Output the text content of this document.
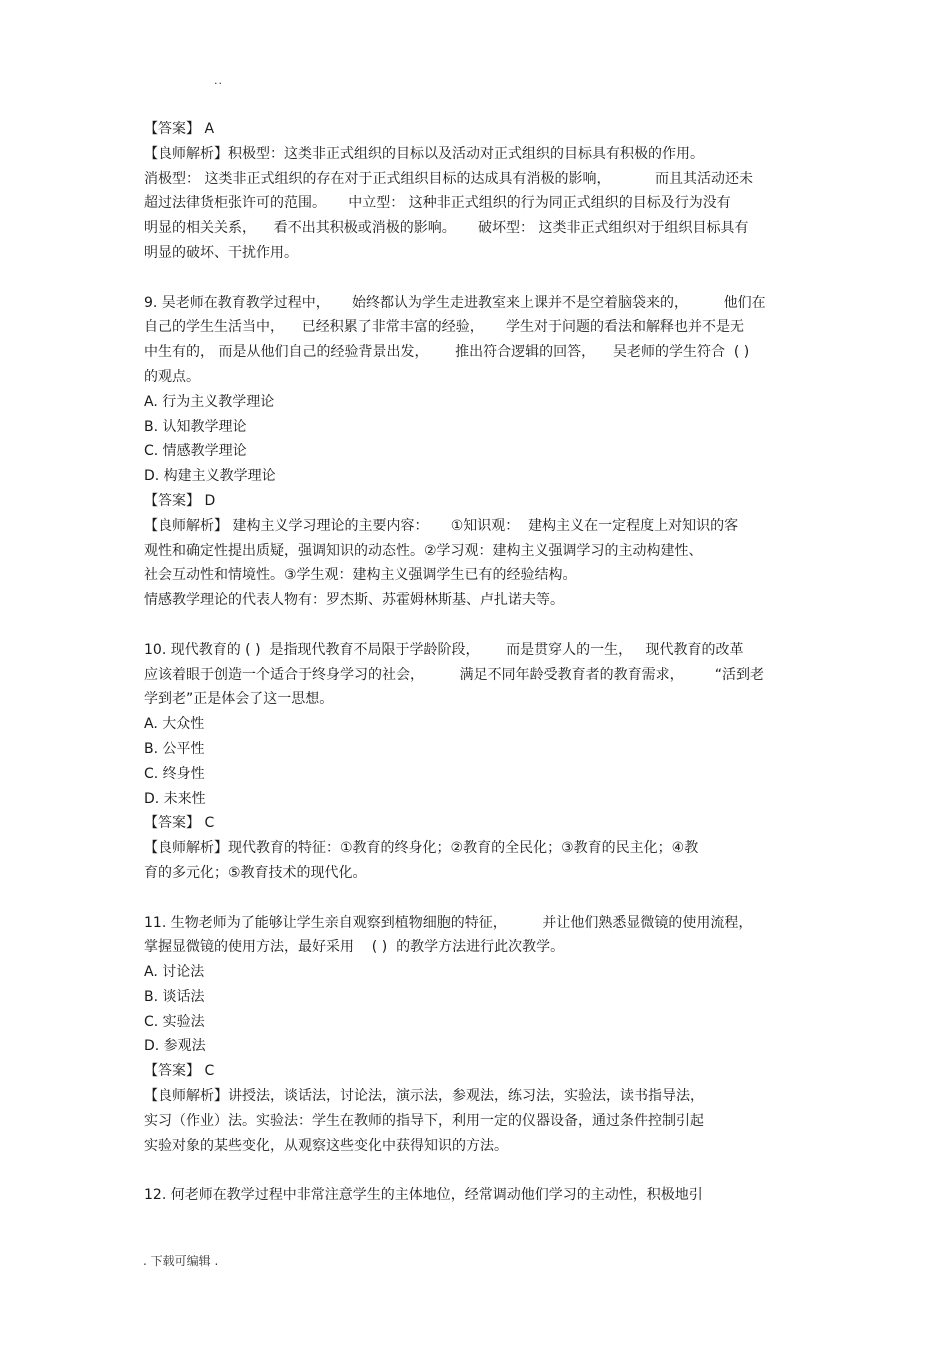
..
【答案】 A
【良师解析】积极型：这类非正式组织的目标以及活动对正式组织的目标具有积极的作用。
消极型： 这类非正式组织的存在对于正式组织目标的达成具有消极的影响，          而且其活动还未
超过法律货柜张许可的范围。     中立型： 这种非正式组织的行为同正式组织的目标及行为没有
明显的相关关系，    看不出其积极或消极的影响。     破坏型： 这类非正式组织对于组织目标具有
明显的破坏、干扰作用。
9. 吴老师在教育教学过程中，     始终都认为学生走进教室来上课并不是空着脑袋来的，        他们在
自己的学生生活当中，    已经积累了非常丰富的经验，     学生对于问题的看法和解释也并不是无
中生有的， 而是从他们自己的经验背景出发，      推出符合逻辑的回答，    吴老师的学生符合  ( )
的观点。
A. 行为主义教学理论
B. 认知教学理论
C. 情感教学理论
D. 构建主义教学理论
【答案】 D
【良师解析】 建构主义学习理论的主要内容：     ①知识观：  建构主义在一定程度上对知识的客
观性和确定性提出质疑，强调知识的动态性。②学习观：建构主义强调学习的主动构建性、
社会互动性和情境性。③学生观：建构主义强调学生已有的经验结构。
情感教学理论的代表人物有：罗杰斯、苏霍姆林斯基、卢扎诺夫等。
10. 现代教育的 ( )  是指现代教育不局限于学龄阶段，      而是贯穿人的一生，   现代教育的改革
应该着眼于创造一个适合于终身学习的社会，        满足不同年龄受教育者的教育需求，       “活到老
学到老”正是体会了这一思想。
A. 大众性
B. 公平性
C. 终身性
D. 未来性
【答案】 C
【良师解析】现代教育的特征：①教育的终身化；②教育的全民化；③教育的民主化；④教
育的多元化；⑤教育技术的现代化。
11. 生物老师为了能够让学生亲自观察到植物细胞的特征，        并让他们熟悉显微镜的使用流程，
掌握显微镜的使用方法，最好采用    ( )  的教学方法进行此次教学。
A. 讨论法
B. 谈话法
C. 实验法
D. 参观法
【答案】 C
【良师解析】讲授法，谈话法，讨论法，演示法，参观法，练习法，实验法，读书指导法，
实习（作业）法。实验法：学生在教师的指导下，利用一定的仪器设备，通过条件控制引起
实验对象的某些变化，从观察这些变化中获得知识的方法。
12. 何老师在教学过程中非常注意学生的主体地位，经常调动他们学习的主动性，积极地引
. 下载可编辑 .
